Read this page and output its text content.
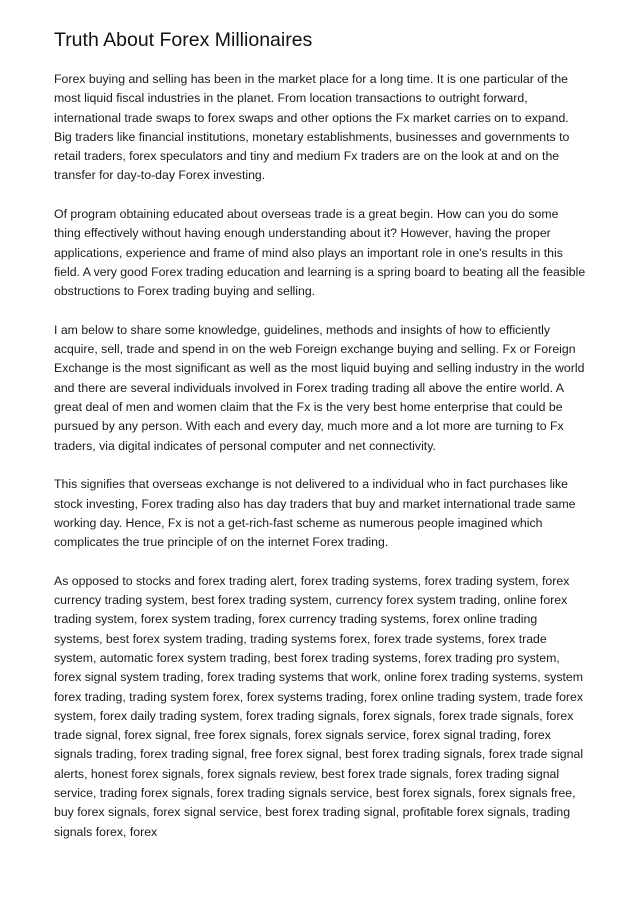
Truth About Forex Millionaires

Forex buying and selling has been in the market place for a long time. It is one particular of the most liquid fiscal industries in the planet. From location transactions to outright forward, international trade swaps to forex swaps and other options the Fx market carries on to expand. Big traders like financial institutions, monetary establishments, businesses and governments to retail traders, forex speculators and tiny and medium Fx traders are on the look at and on the transfer for day-to-day Forex investing.

Of program obtaining educated about overseas trade is a great begin. How can you do some thing effectively without having enough understanding about it? However, having the proper applications, experience and frame of mind also plays an important role in one's results in this field. A very good Forex trading education and learning is a spring board to beating all the feasible obstructions to Forex trading buying and selling.

I am below to share some knowledge, guidelines, methods and insights of how to efficiently acquire, sell, trade and spend in on the web Foreign exchange buying and selling. Fx or Foreign Exchange is the most significant as well as the most liquid buying and selling industry in the world and there are several individuals involved in Forex trading trading all above the entire world. A great deal of men and women claim that the Fx is the very best home enterprise that could be pursued by any person. With each and every day, much more and a lot more are turning to Fx traders, via digital indicates of personal computer and net connectivity.

This signifies that overseas exchange is not delivered to a individual who in fact purchases like stock investing, Forex trading also has day traders that buy and market international trade same working day. Hence, Fx is not a get-rich-fast scheme as numerous people imagined which complicates the true principle of on the internet Forex trading.

As opposed to stocks and forex trading alert, forex trading systems, forex trading system, forex currency trading system, best forex trading system, currency forex system trading, online forex trading system, forex system trading, forex currency trading systems, forex online trading systems, best forex system trading, trading systems forex, forex trade systems, forex trade system, automatic forex system trading, best forex trading systems, forex trading pro system, forex signal system trading, forex trading systems that work, online forex trading systems, system forex trading, trading system forex, forex systems trading, forex online trading system, trade forex system, forex daily trading system, forex trading signals, forex signals, forex trade signals, forex trade signal, forex signal, free forex signals, forex signals service, forex signal trading, forex signals trading, forex trading signal, free forex signal, best forex trading signals, forex trade signal alerts, honest forex signals, forex signals review, best forex trade signals, forex trading signal service, trading forex signals, forex trading signals service, best forex signals, forex signals free, buy forex signals, forex signal service, best forex trading signal, profitable forex signals, trading signals forex, forex
